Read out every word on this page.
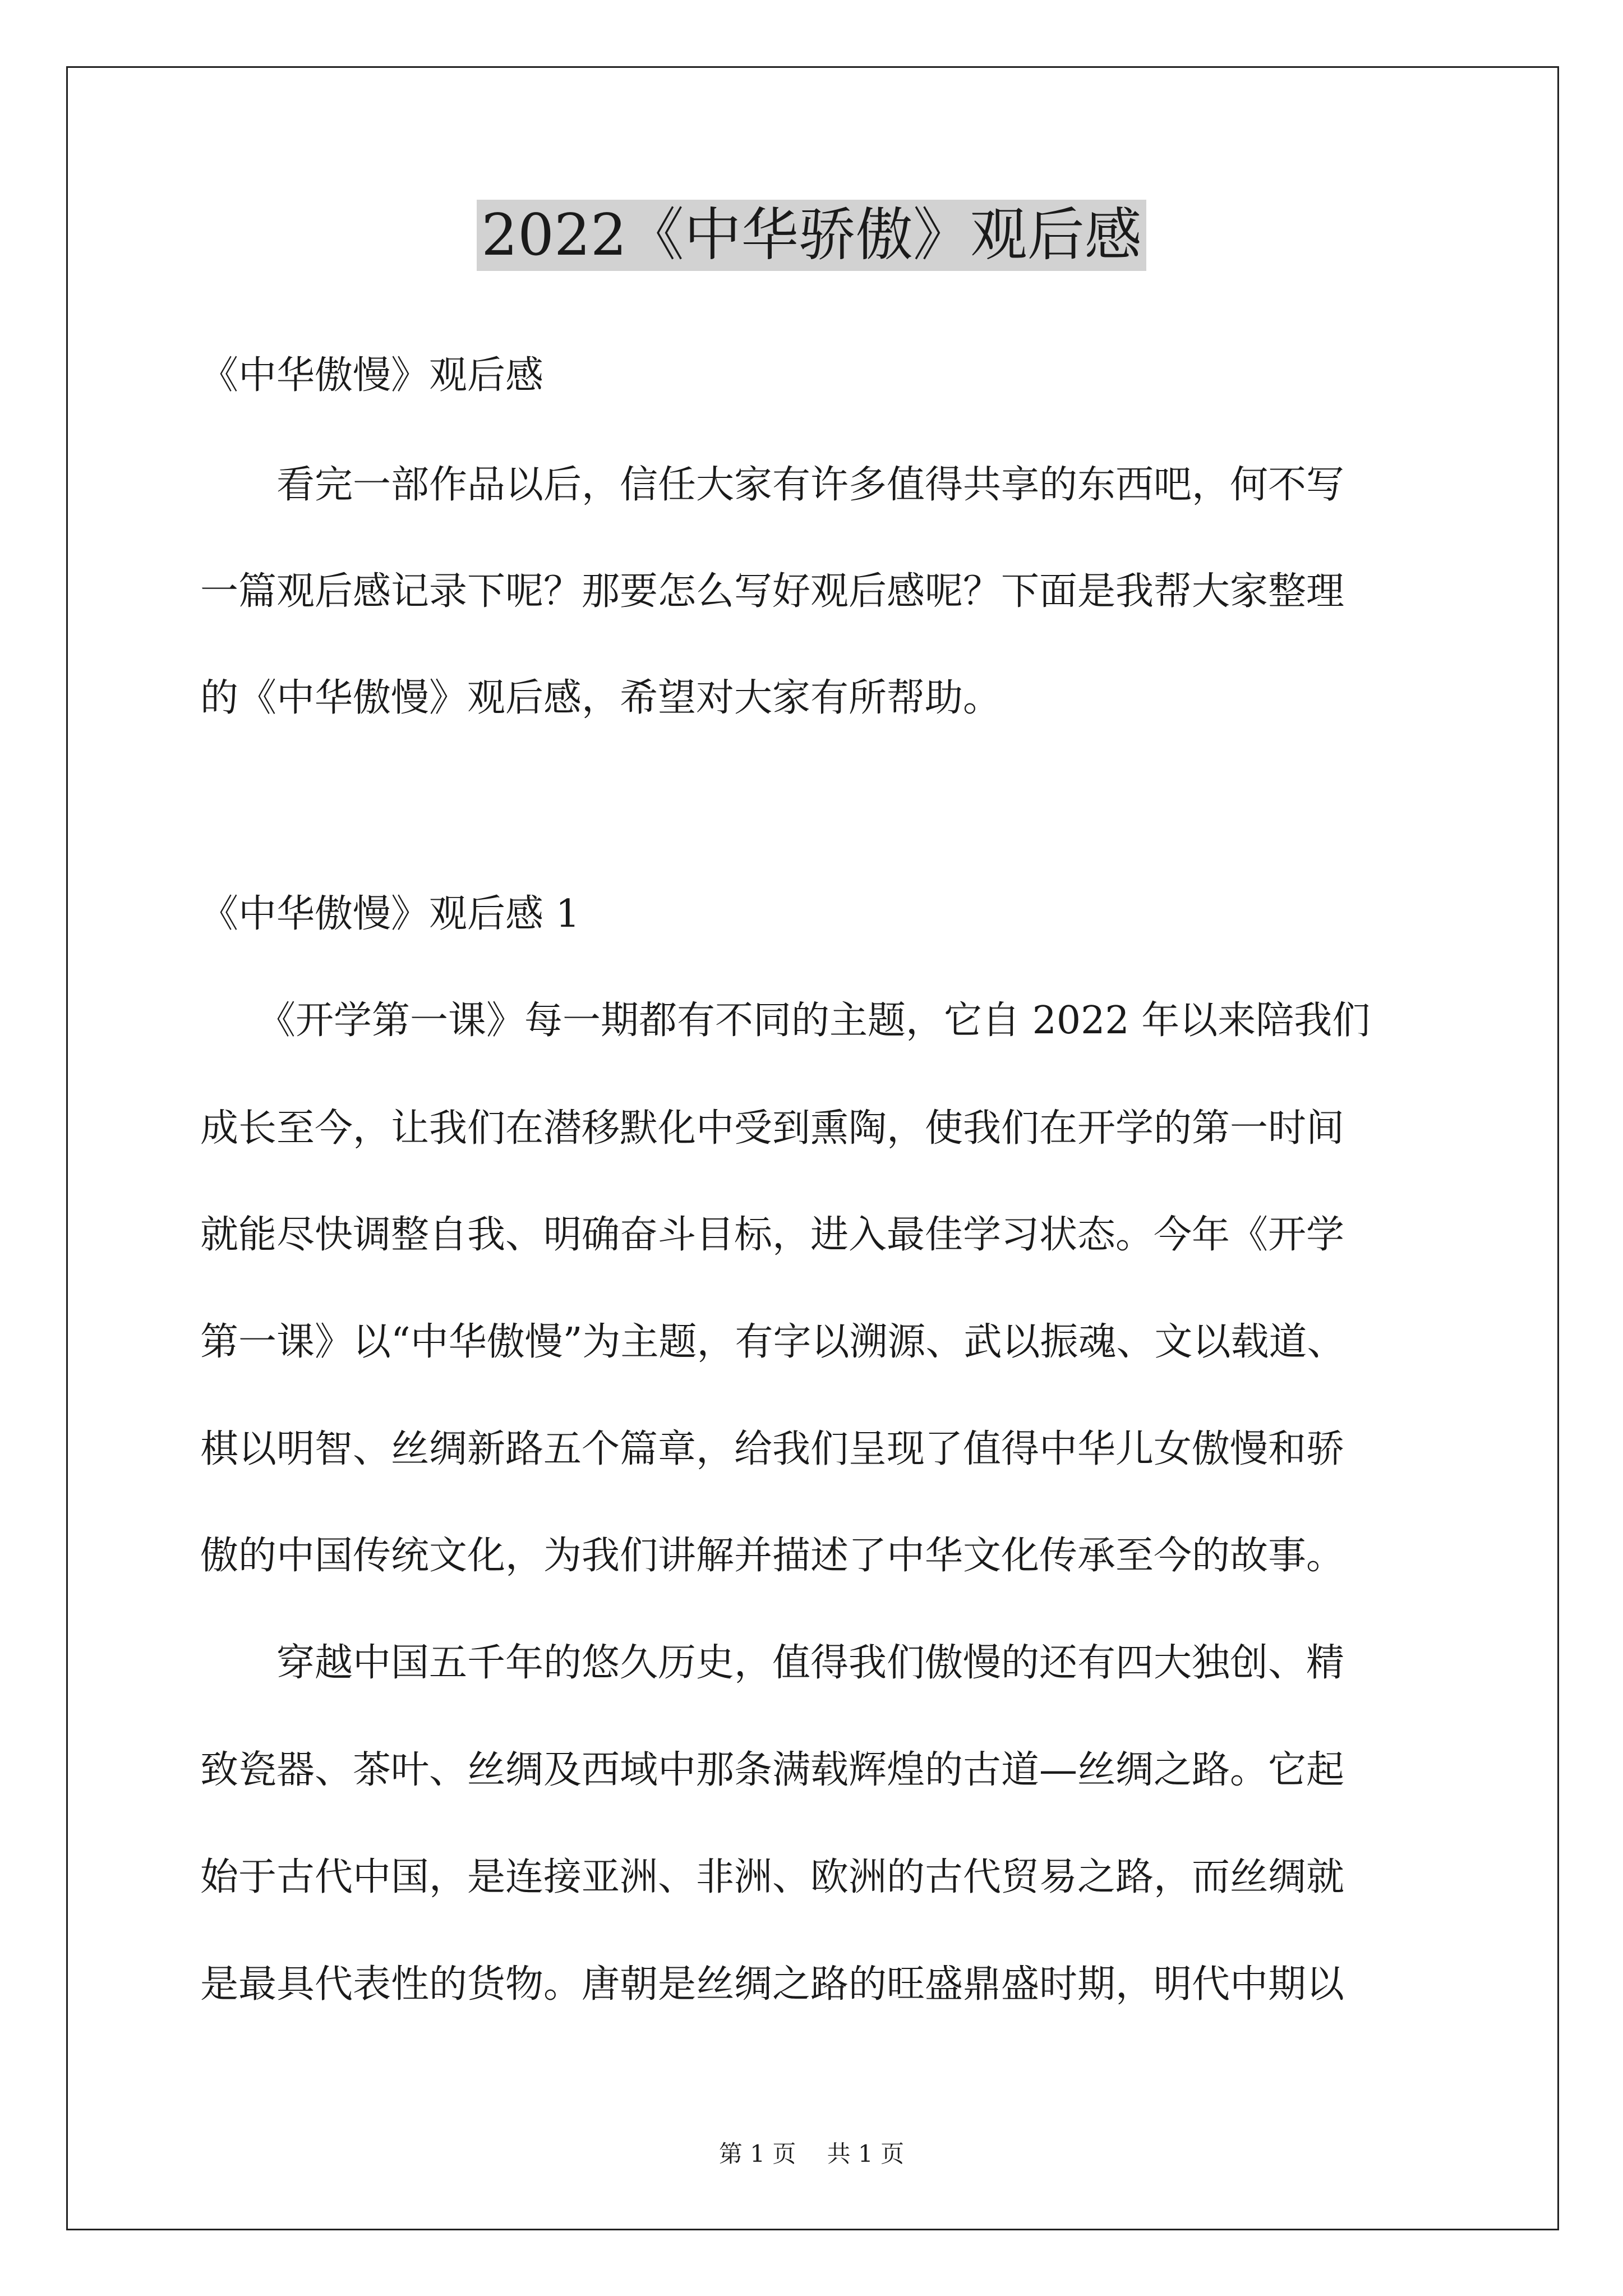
2022《中华骄傲》观后感
《中华傲慢》观后感
　　看完一部作品以后，信任大家有许多值得共享的东西吧，何不写
一篇观后感记录下呢？那要怎么写好观后感呢？下面是我帮大家整理
的《中华傲慢》观后感，希望对大家有所帮助。
《中华傲慢》观后感 1
　　《开学第一课》每一期都有不同的主题，它自 2022 年以来陪我们
成长至今，让我们在潜移默化中受到熏陶，使我们在开学的第一时间
就能尽快调整自我、明确奋斗目标，进入最佳学习状态。今年《开学
第一课》以“中华傲慢”为主题，有字以溯源、武以振魂、文以载道、
棋以明智、丝绸新路五个篇章，给我们呈现了值得中华儿女傲慢和骄
傲的中国传统文化，为我们讲解并描述了中华文化传承至今的故事。
　　穿越中国五千年的悠久历史，值得我们傲慢的还有四大独创、精
致瓷器、茶叶、丝绸及西域中那条满载辉煌的古道—丝绸之路。它起
始于古代中国，是连接亚洲、非洲、欧洲的古代贸易之路，而丝绸就
是最具代表性的货物。唐朝是丝绸之路的旺盛鼎盛时期，明代中期以
第 1 页　 共 1 页
